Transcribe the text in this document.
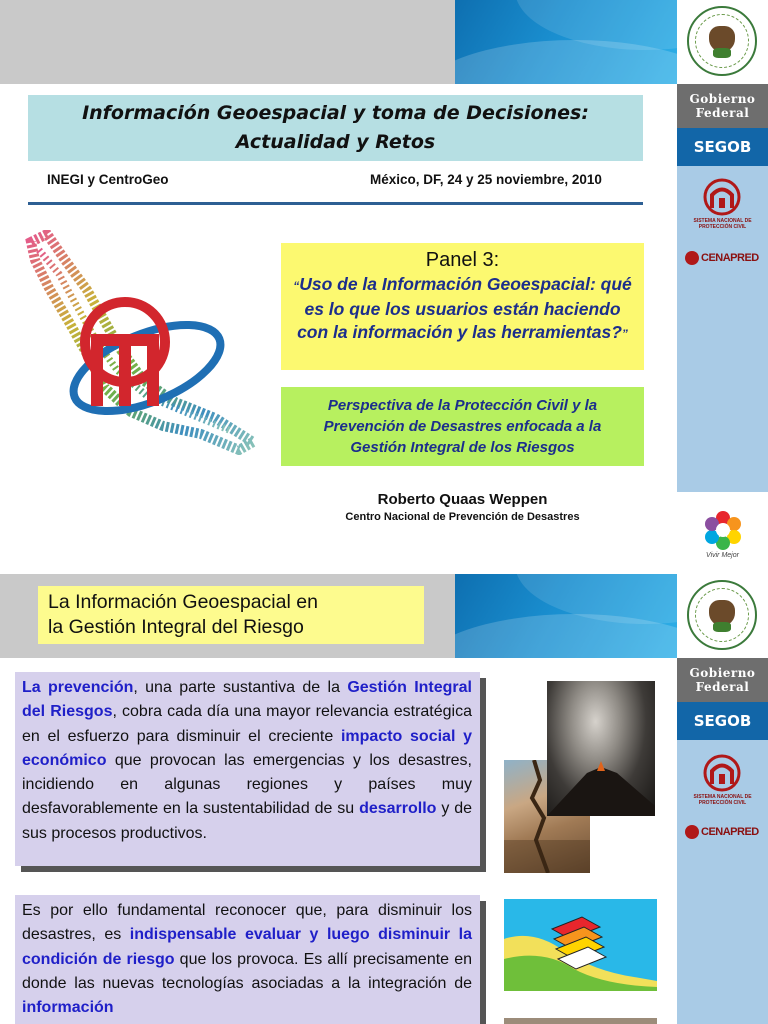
Gobierno
Federal
SEGOB
SISTEMA NACIONAL DE PROTECCIÓN CIVIL
CENAPRED
Vivir Mejor
Información Geoespacial y toma de Decisiones:
Actualidad y Retos
INEGI y CentroGeo	México, DF, 24 y 25 noviembre, 2010
Panel 3:
“Uso de la Información Geoespacial: qué es lo que los usuarios están haciendo con la información y las herramientas?”
Perspectiva de la Protección Civil y la Prevención de Desastres enfocada a la Gestión Integral de los Riesgos
Roberto Quaas Weppen
Centro Nacional de Prevención de Desastres
Gobierno
Federal
SEGOB
SISTEMA NACIONAL DE PROTECCIÓN CIVIL
CENAPRED
La Información Geoespacial en
la Gestión Integral del Riesgo

La prevención, una parte sustantiva de la Gestión Integral del Riesgos, cobra cada día una mayor relevancia estratégica en el esfuerzo para disminuir el creciente impacto social y económico que provocan las emergencias y los desastres, incidiendo en algunas regiones y países muy desfavorablemente en la sustentabilidad de su desarrollo y de sus procesos productivos.

Es por ello fundamental reconocer que, para disminuir los desastres, es indispensable evaluar y luego disminuir la condición de riesgo que los provoca. Es allí precisamente en donde las nuevas tecnologías asociadas a la integración de información
